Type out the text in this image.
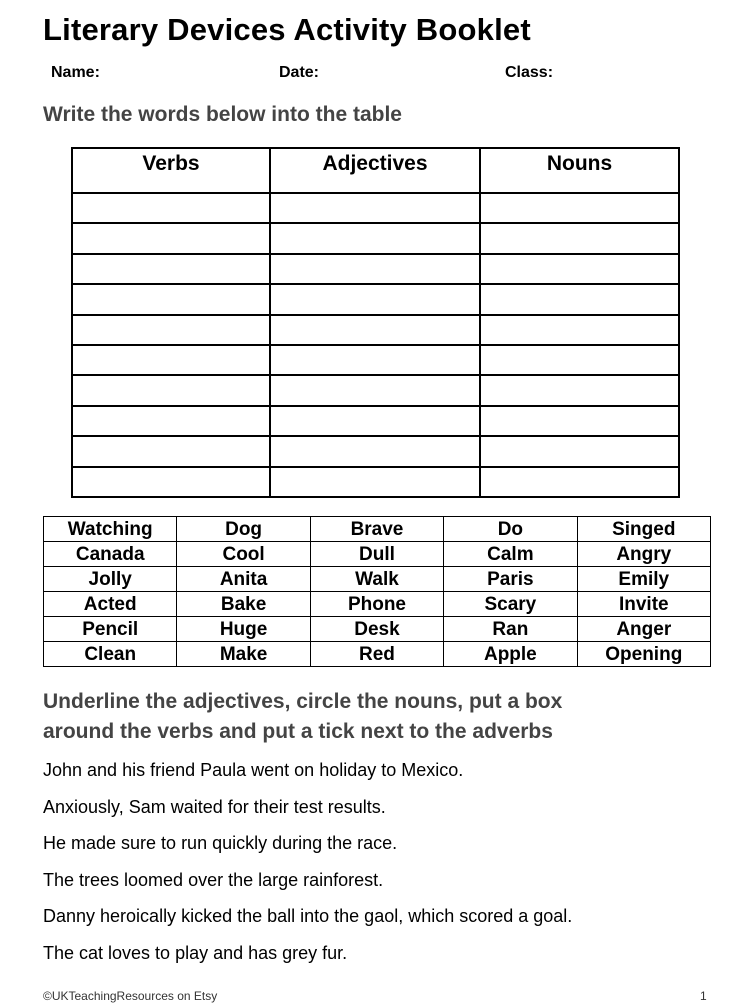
Literary Devices Activity Booklet
Name:	Date:	Class:
Write the words below into the table
Verbs	Adjectives	Nouns

Watching	Dog	Brave	Do	Singed
Canada	Cool	Dull	Calm	Angry
Jolly	Anita	Walk	Paris	Emily
Acted	Bake	Phone	Scary	Invite
Pencil	Huge	Desk	Ran	Anger
Clean	Make	Red	Apple	Opening
Underline the adjectives, circle the nouns, put a box
around the verbs and put a tick next to the adverbs
John and his friend Paula went on holiday to Mexico.
Anxiously, Sam waited for their test results.
He made sure to run quickly during the race.
The trees loomed over the large rainforest.
Danny heroically kicked the ball into the gaol, which scored a goal.
The cat loves to play and has grey fur.
©UKTeachingResources on Etsy	1
